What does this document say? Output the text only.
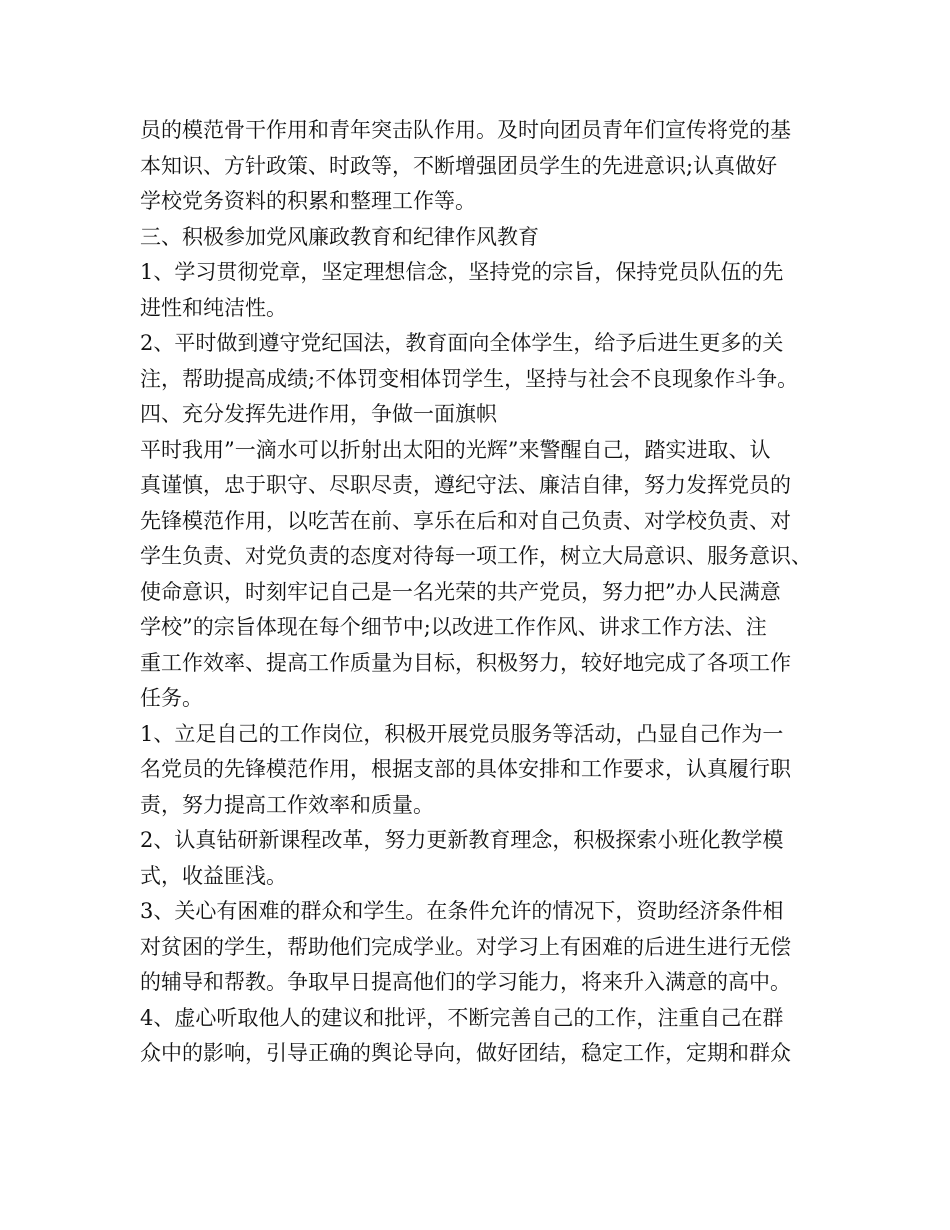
员的模范骨干作用和青年突击队作用。及时向团员青年们宣传将党的基
本知识、方针政策、时政等，不断增强团员学生的先进意识;认真做好
学校党务资料的积累和整理工作等。
三、积极参加党风廉政教育和纪律作风教育
1、学习贯彻党章，坚定理想信念，坚持党的宗旨，保持党员队伍的先
进性和纯洁性。
2、平时做到遵守党纪国法，教育面向全体学生，给予后进生更多的关
注，帮助提高成绩;不体罚变相体罚学生，坚持与社会不良现象作斗争。
四、充分发挥先进作用，争做一面旗帜
平时我用”一滴水可以折射出太阳的光辉”来警醒自己，踏实进取、认
真谨慎，忠于职守、尽职尽责，遵纪守法、廉洁自律，努力发挥党员的
先锋模范作用，以吃苦在前、享乐在后和对自己负责、对学校负责、对
学生负责、对党负责的态度对待每一项工作，树立大局意识、服务意识、
使命意识，时刻牢记自己是一名光荣的共产党员，努力把”办人民满意
学校”的宗旨体现在每个细节中;以改进工作作风、讲求工作方法、注
重工作效率、提高工作质量为目标，积极努力，较好地完成了各项工作
任务。
1、立足自己的工作岗位，积极开展党员服务等活动，凸显自己作为一
名党员的先锋模范作用，根据支部的具体安排和工作要求，认真履行职
责，努力提高工作效率和质量。
2、认真钻研新课程改革，努力更新教育理念，积极探索小班化教学模
式，收益匪浅。
3、关心有困难的群众和学生。在条件允许的情况下，资助经济条件相
对贫困的学生，帮助他们完成学业。对学习上有困难的后进生进行无偿
的辅导和帮教。争取早日提高他们的学习能力，将来升入满意的高中。
4、虚心听取他人的建议和批评，不断完善自己的工作，注重自己在群
众中的影响，引导正确的舆论导向，做好团结，稳定工作，定期和群众
